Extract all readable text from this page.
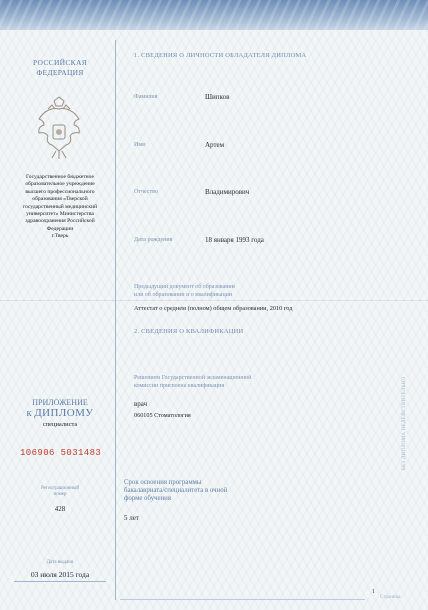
РОССИЙСКАЯ
ФЕДЕРАЦИЯ
Государственное бюджетное
образовательное учреждение
высшего профессионального
образования «Тверской
государственный медицинский
университет» Министерства
здравоохранения Российской
Федерации
г.Тверь
ПРИЛОЖЕНИЕ
к ДИПЛОМУ
специалиста
106906 5031483
Регистрационный
номер
428
Дата выдачи
03 июля 2015 года
1. СВЕДЕНИЯ О ЛИЧНОСТИ ОБЛАДАТЕЛЯ ДИПЛОМА
Фамилия	Шипков
Имя	Артем
Отчество	Владимирович
Дата рождения	18 января 1993 года
Предыдущий документ об образовании
или об образовании и о квалификации
Аттестат о среднем (полном) общем образовании, 2010 год
2. СВЕДЕНИЯ О КВАЛИФИКАЦИИ
Решением Государственной экзаменационной
комиссии присвоена квалификация
врач
060105 Стоматология
Срок освоения программы
бакалавриата/специалитета в очной
форме обучения
5 лет
БЕЗ ДИПЛОМА НЕДЕЙСТВИТЕЛЬНО
1
Страница
